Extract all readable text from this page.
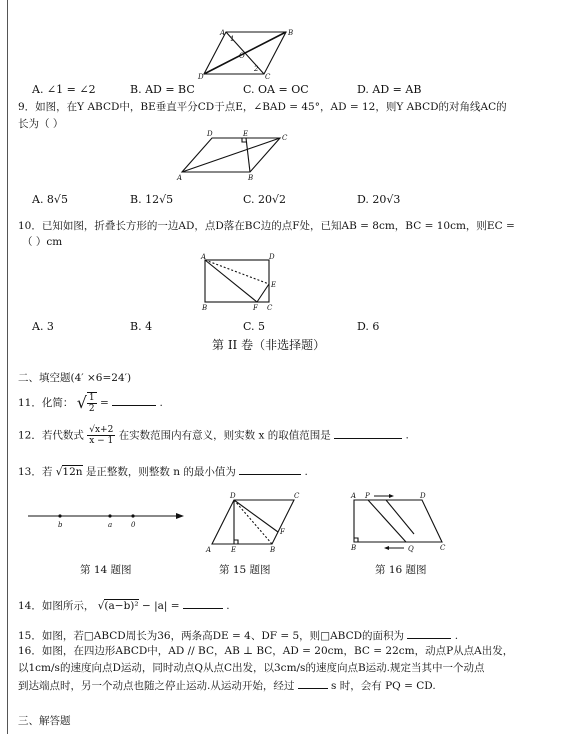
A	B
C
D
O
1
2
A. ∠1 = ∠2	B. AD = BC	C. OA = OC	D. AD = AB
9．如图，在Y ABCD中，BE垂直平分CD于点E，∠BAD = 45°，AD = 12，则Y ABCD的对角线AC的
长为（ ）
D	E	C
A	B
A. 8√5	B. 12√5	C. 20√2	D. 20√3
10．已知如图，折叠长方形的一边AD，点D落在BC边的点F处，已知AB = 8cm，BC = 10cm，则EC =
（ ）cm
A	D
E
B	F C
A. 3	B. 4	C. 5	D. 6
第 II 卷（非选择题）
二、填空题(4′ ×6=24′)
11．化简： √ $\frac{1}{2}$ =	.
12．若代数式 $\frac{√x+2}{x - 1}$ 在实数范围内有意义，则实数 x 的取值范围是	.
13．若 √12n 是正整数，则整数 n 的最小值为	.
b	a	0
D	C
F
A	E	B
A P	D
B	Q	C
第 14 题图	第 15 题图	第 16 题图
14．如图所示， √(a−b)² − |a| =	.
15．如图，若□ABCD周长为36，两条高DE = 4、DF = 5，则□ABCD的面积为	.
16．如图，在四边形ABCD中，AD // BC，AB ⊥ BC，AD = 20cm，BC = 22cm，动点P从点A出发，
以1cm/s的速度向点D运动，同时动点Q从点C出发，以3cm/s的速度向点B运动.规定当其中一个动点
到达端点时，另一个动点也随之停止运动.从运动开始，经过	s 时，会有 PQ = CD.
三、解答题
